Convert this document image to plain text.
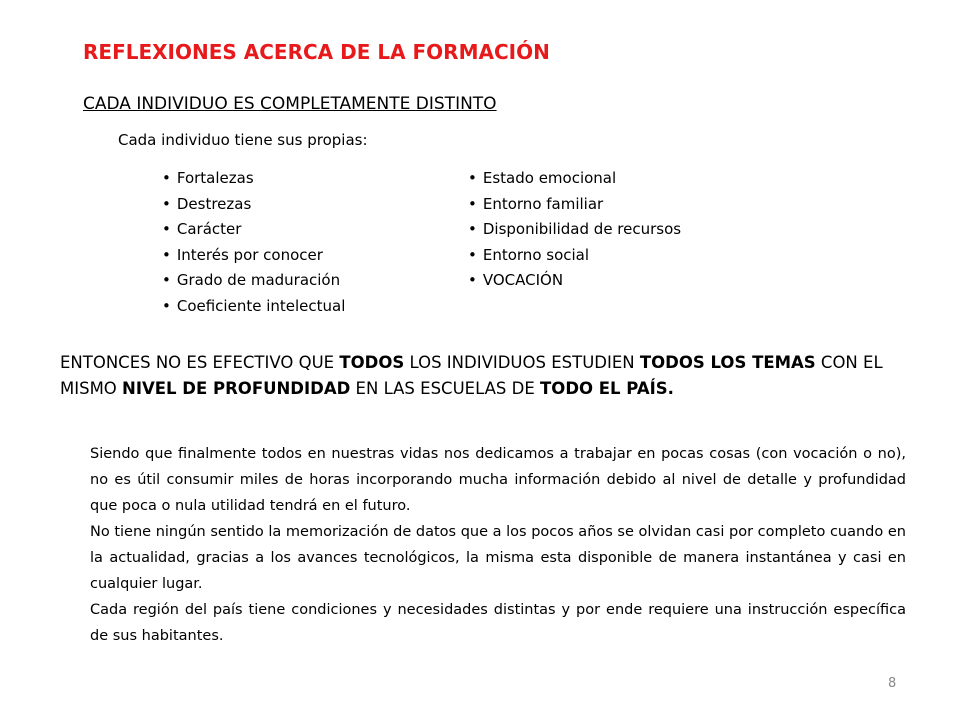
REFLEXIONES ACERCA DE LA FORMACIÓN
CADA INDIVIDUO ES COMPLETAMENTE DISTINTO
Cada individuo tiene sus propias:
• Fortalezas
• Destrezas
• Carácter
• Interés por conocer
• Grado de maduración
• Coeficiente intelectual
• Estado emocional
• Entorno familiar
• Disponibilidad de recursos
• Entorno social
• VOCACIÓN
ENTONCES NO ES EFECTIVO QUE TODOS LOS INDIVIDUOS ESTUDIEN TODOS LOS TEMAS CON EL MISMO NIVEL DE PROFUNDIDAD EN LAS ESCUELAS DE TODO EL PAÍS.

Siendo que finalmente todos en nuestras vidas nos dedicamos a trabajar en pocas cosas (con vocación o no), no es útil consumir miles de horas incorporando mucha información debido al nivel de detalle y profundidad que poca o nula utilidad tendrá en el futuro.

No tiene ningún sentido la memorización de datos que a los pocos años se olvidan casi por completo cuando en la actualidad, gracias a los avances tecnológicos, la misma esta disponible de manera instantánea y casi en cualquier lugar.

Cada región del país tiene condiciones y necesidades distintas y por ende requiere una instrucción específica de sus habitantes.

8
